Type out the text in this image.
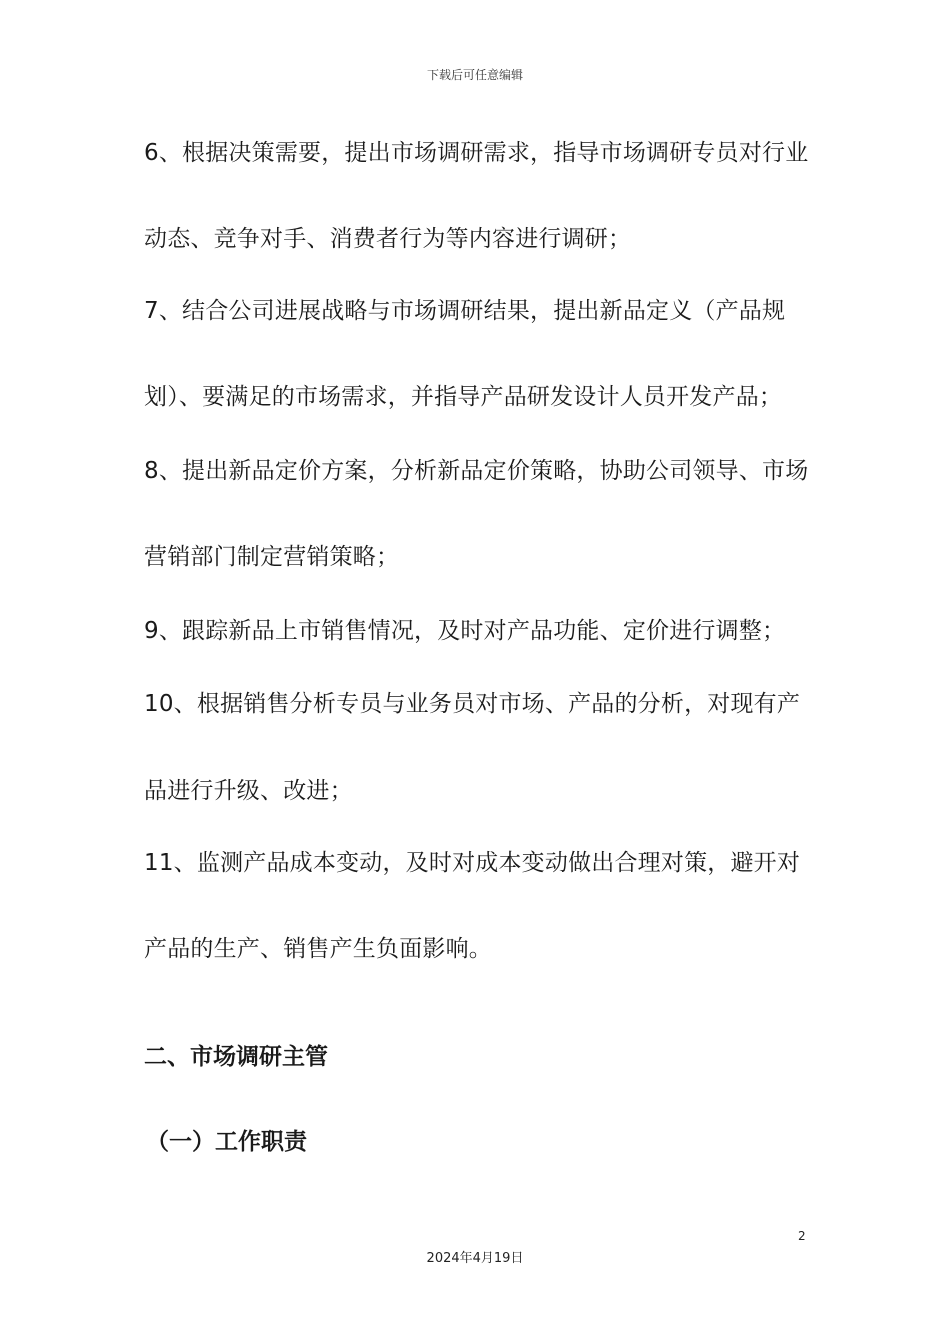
下载后可任意编辑
6、根据决策需要，提出市场调研需求，指导市场调研专员对行业
动态、竞争对手、消费者行为等内容进行调研；
7、结合公司进展战略与市场调研结果，提出新品定义（产品规
划）、要满足的市场需求，并指导产品研发设计人员开发产品；
8、提出新品定价方案，分析新品定价策略，协助公司领导、市场
营销部门制定营销策略；
9、跟踪新品上市销售情况，及时对产品功能、定价进行调整；
10、根据销售分析专员与业务员对市场、产品的分析，对现有产
品进行升级、改进；
11、监测产品成本变动，及时对成本变动做出合理对策，避开对
产品的生产、销售产生负面影响。
二、市场调研主管
（一）工作职责
2
2024年4月19日
